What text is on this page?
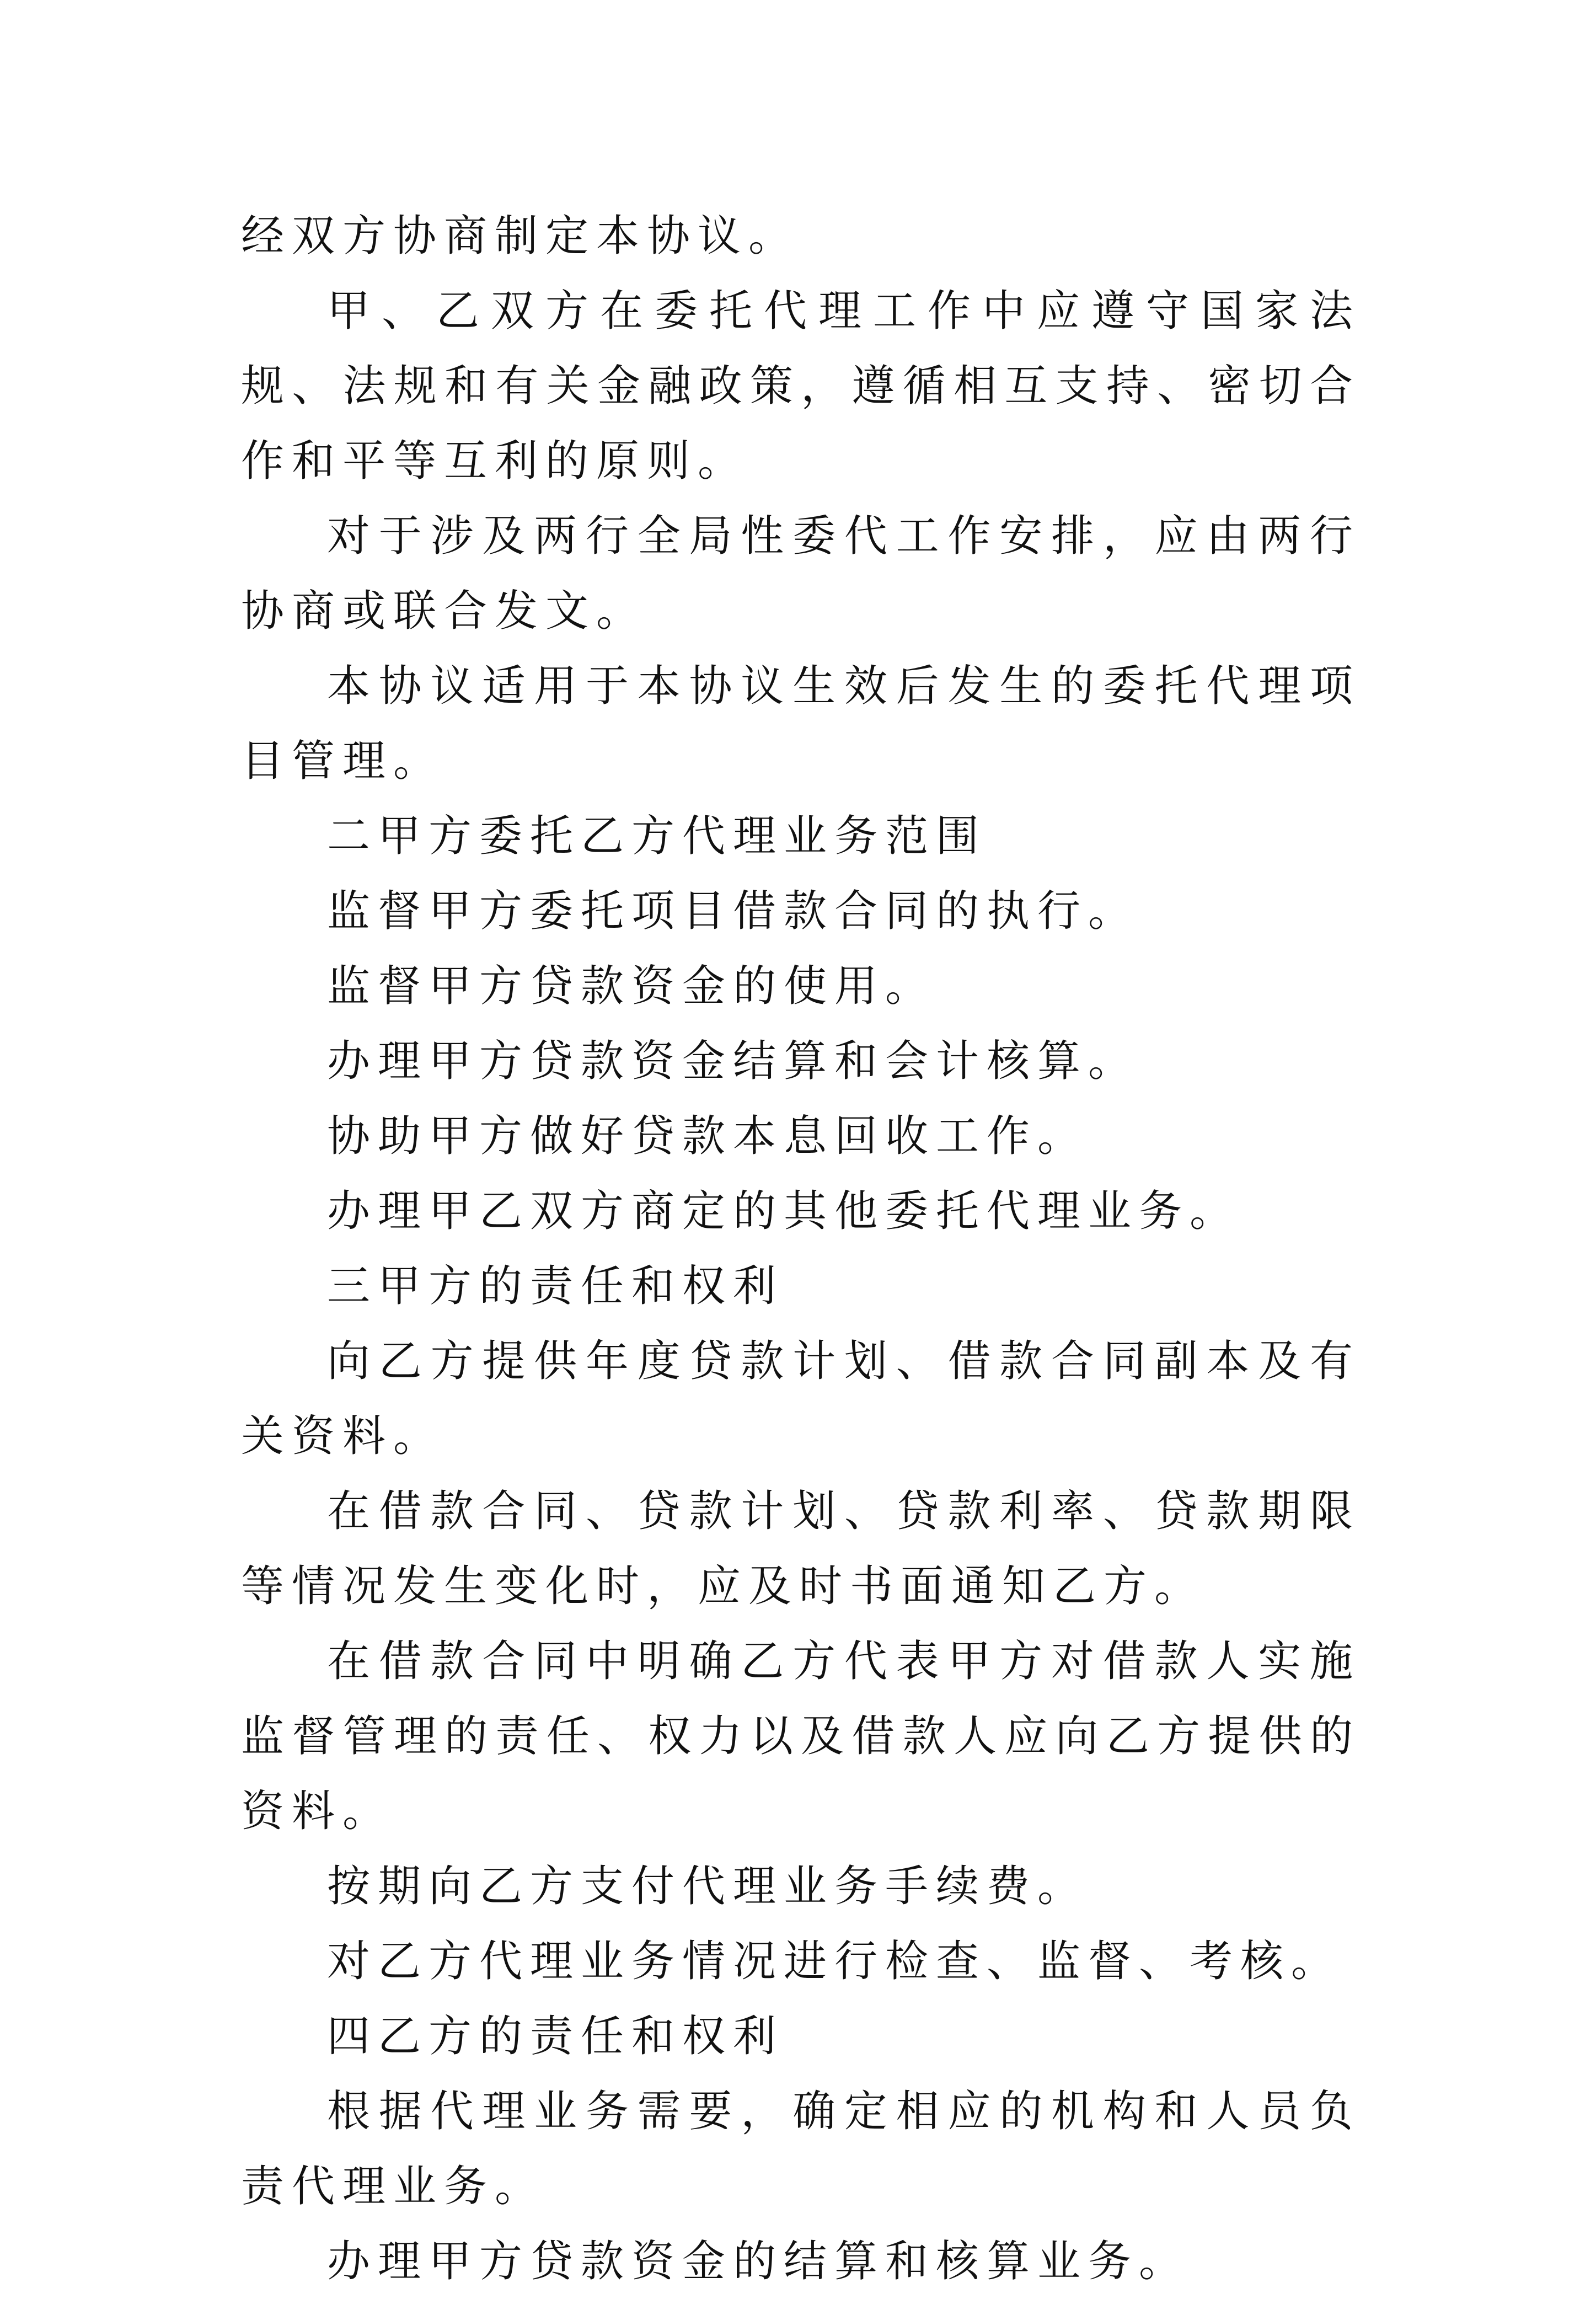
经双方协商制定本协议。

甲、乙双方在委托代理工作中应遵守国家法规、法规和有关金融政策，遵循相互支持、密切合作和平等互利的原则。

对于涉及两行全局性委代工作安排，应由两行协商或联合发文。

本协议适用于本协议生效后发生的委托代理项目管理。

二甲方委托乙方代理业务范围

监督甲方委托项目借款合同的执行。

监督甲方贷款资金的使用。

办理甲方贷款资金结算和会计核算。

协助甲方做好贷款本息回收工作。

办理甲乙双方商定的其他委托代理业务。

三甲方的责任和权利

向乙方提供年度贷款计划、借款合同副本及有关资料。

在借款合同、贷款计划、贷款利率、贷款期限等情况发生变化时，应及时书面通知乙方。

在借款合同中明确乙方代表甲方对借款人实施监督管理的责任、权力以及借款人应向乙方提供的资料。

按期向乙方支付代理业务手续费。

对乙方代理业务情况进行检查、监督、考核。

四乙方的责任和权利

根据代理业务需要，确定相应的机构和人员负责代理业务。

办理甲方贷款资金的结算和核算业务。
